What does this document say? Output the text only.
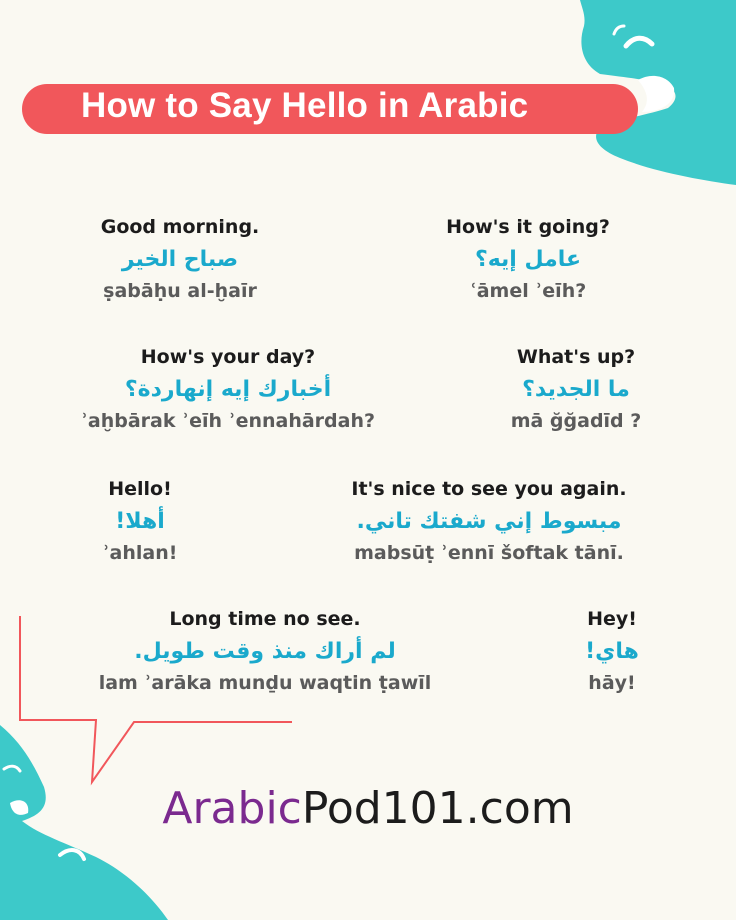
How to Say Hello in Arabic
Good morning.
صباح الخير
ṣabāḥu al-ḫaīr
How's it going?
عامل إيه؟
ʿāmel ʾeīh?
How's your day?
أخبارك إيه إنهاردة؟
ʾaḫbārak ʾeīh ʾennahārdah?
What's up?
ما الجديد؟
mā ğğadīd ?
Hello!
أهلا!
ʾahlan!
It's nice to see you again.
مبسوط إني شفتك تاني.
mabsūṭ ʾennī šoftak tānī.
Long time no see.
لم أراك منذ وقت طويل.
lam ʾarāka munḏu waqtin ṭawīl
Hey!
هاي!
hāy!
ArabicPod101.com
